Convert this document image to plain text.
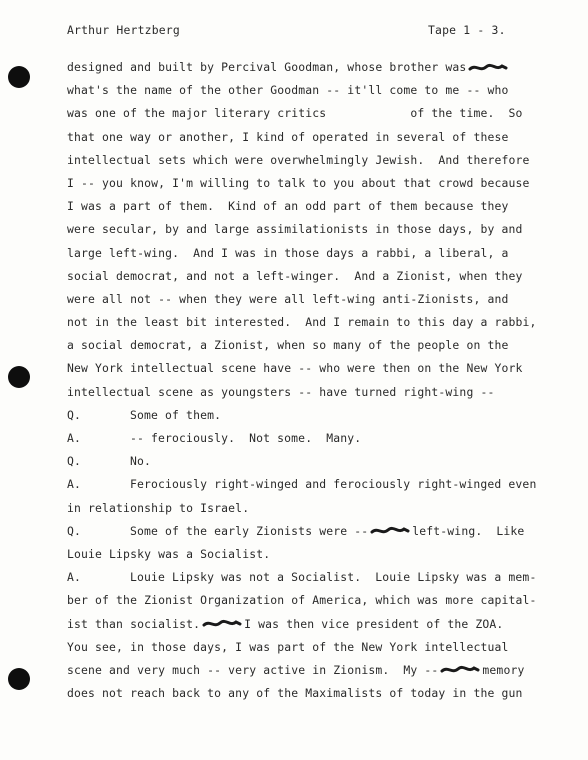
Arthur Hertzberg	Tape 1 - 3.
designed and built by Percival Goodman, whose brother was
what's the name of the other Goodman -- it'll come to me -- who
was one of the major literary critics            of the time.  So
that one way or another, I kind of operated in several of these
intellectual sets which were overwhelmingly Jewish.  And therefore
I -- you know, I'm willing to talk to you about that crowd because
I was a part of them.  Kind of an odd part of them because they
were secular, by and large assimilationists in those days, by and
large left-wing.  And I was in those days a rabbi, a liberal, a
social democrat, and not a left-winger.  And a Zionist, when they
were all not -- when they were all left-wing anti-Zionists, and
not in the least bit interested.  And I remain to this day a rabbi,
a social democrat, a Zionist, when so many of the people on the
New York intellectual scene have -- who were then on the New York
intellectual scene as youngsters -- have turned right-wing --
Q.	Some of them.
A.	-- ferociously.  Not some.  Many.
Q.	No.
A.	Ferociously right-winged and ferociously right-winged even
in relationship to Israel.
Q.	Some of the early Zionists were --	left-wing.  Like
Louie Lipsky was a Socialist.
A.	Louie Lipsky was not a Socialist.  Louie Lipsky was a mem-
ber of the Zionist Organization of America, which was more capital-
ist than socialist.	I was then vice president of the ZOA.
You see, in those days, I was part of the New York intellectual
scene and very much -- very active in Zionism.  My --	memory
does not reach back to any of the Maximalists of today in the gun
